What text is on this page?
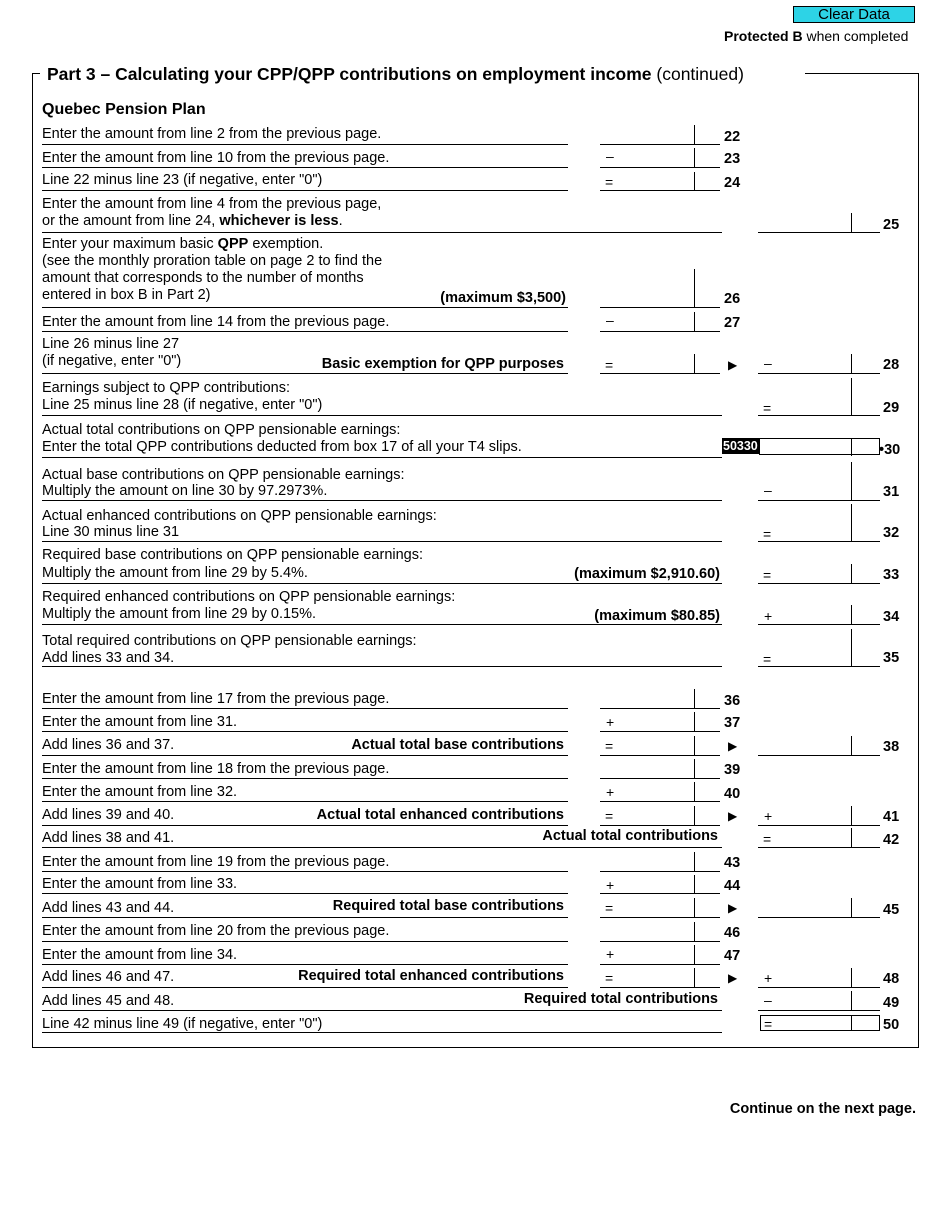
Clear Data
Protected B when completed
Part 3 – Calculating your CPP/QPP contributions on employment income (continued)
Quebec Pension Plan
Enter the amount from line 2 from the previous page.	22
Enter the amount from line 10 from the previous page.	–	23
Line 22 minus line 23 (if negative, enter "0")	=	24
Enter the amount from line 4 from the previous page,
or the amount from line 24, whichever is less.	25
Enter your maximum basic QPP exemption.
(see the monthly proration table on page 2 to find the
amount that corresponds to the number of months
entered in box B in Part 2)	(maximum $3,500)	26
Enter the amount from line 14 from the previous page.	–	27
Line 26 minus line 27
(if negative, enter "0")	Basic exemption for QPP purposes	=	▶ –	28
Earnings subject to QPP contributions:
Line 25 minus line 28 (if negative, enter "0")	=	29
Actual total contributions on QPP pensionable earnings:
Enter the total QPP contributions deducted from box 17 of all your T4 slips.	50330	•30
Actual base contributions on QPP pensionable earnings:
Multiply the amount on line 30 by 97.2973%.	–	31
Actual enhanced contributions on QPP pensionable earnings:
Line 30 minus line 31	=	32
Required base contributions on QPP pensionable earnings:
Multiply the amount from line 29 by 5.4%.	(maximum $2,910.60)	=	33
Required enhanced contributions on QPP pensionable earnings:
Multiply the amount from line 29 by 0.15%.	(maximum $80.85)	+	34
Total required contributions on QPP pensionable earnings:
Add lines 33 and 34.	=	35
Enter the amount from line 17 from the previous page.	36
Enter the amount from line 31.	+	37
Add lines 36 and 37.	Actual total base contributions	=	▶	38
Enter the amount from line 18 from the previous page.	39
Enter the amount from line 32.	+	40
Add lines 39 and 40.	Actual total enhanced contributions	=	▶ +	41
Add lines 38 and 41.	Actual total contributions	=	42
Enter the amount from line 19 from the previous page.	43
Enter the amount from line 33.	+	44
Add lines 43 and 44.	Required total base contributions	=	▶	45
Enter the amount from line 20 from the previous page.	46
Enter the amount from line 34.	+	47
Add lines 46 and 47.	Required total enhanced contributions	=	▶ +	48
Add lines 45 and 48.	Required total contributions	–	49
Line 42 minus line 49 (if negative, enter "0")	=	50
Continue on the next page.
